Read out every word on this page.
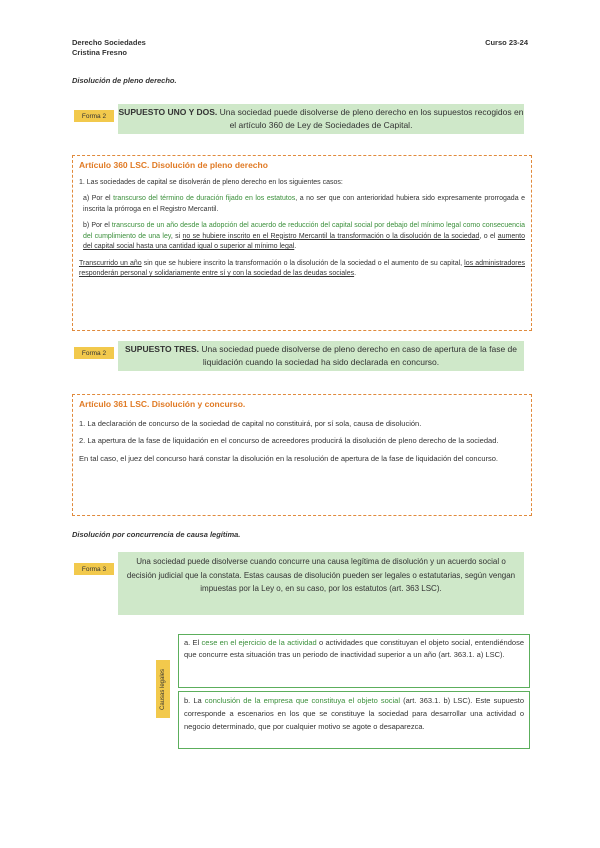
Derecho Sociedades

Cristina Fresno

Curso 23-24
Disolución de pleno derecho.
Forma 2	SUPUESTO UNO Y DOS. Una sociedad puede disolverse de pleno derecho en los supuestos recogidos en el artículo 360 de Ley de Sociedades de Capital.

Artículo 360 LSC. Disolución de pleno derecho

1. Las sociedades de capital se disolverán de pleno derecho en los siguientes casos:

a) Por el transcurso del término de duración fijado en los estatutos, a no ser que con anterioridad hubiera sido expresamente prorrogada e inscrita la prórroga en el Registro Mercantil.

b) Por el transcurso de un año desde la adopción del acuerdo de reducción del capital social por debajo del mínimo legal como consecuencia del cumplimiento de una ley, si no se hubiere inscrito en el Registro Mercantil la transformación o la disolución de la sociedad, o el aumento del capital social hasta una cantidad igual o superior al mínimo legal.

Transcurrido un año sin que se hubiere inscrito la transformación o la disolución de la sociedad o el aumento de su capital, los administradores responderán personal y solidariamente entre sí y con la sociedad de las deudas sociales.

Forma 2	SUPUESTO TRES. Una sociedad puede disolverse de pleno derecho en caso de apertura de la fase de liquidación cuando la sociedad ha sido declarada en concurso.

Artículo 361 LSC. Disolución y concurso.

1. La declaración de concurso de la sociedad de capital no constituirá, por sí sola, causa de disolución.

2. La apertura de la fase de liquidación en el concurso de acreedores producirá la disolución de pleno derecho de la sociedad.

En tal caso, el juez del concurso hará constar la disolución en la resolución de apertura de la fase de liquidación del concurso.

Disolución por concurrencia de causa legítima.
Forma 3

Una sociedad puede disolverse cuando concurre una causa legítima de disolución y un acuerdo social o decisión judicial que la constata. Estas causas de disolución pueden ser legales o estatutarias, según vengan impuestas por la Ley o, en su caso, por los estatutos (art. 363 LSC).

Causas legales

a. El cese en el ejercicio de la actividad o actividades que constituyan el objeto social, entendiéndose que concurre esta situación tras un periodo de inactividad superior a un año (art. 363.1. a) LSC).

b. La conclusión de la empresa que constituya el objeto social (art. 363.1. b) LSC). Este supuesto corresponde a escenarios en los que se constituye la sociedad para desarrollar una actividad o negocio determinado, que por cualquier motivo se agote o desaparezca.
